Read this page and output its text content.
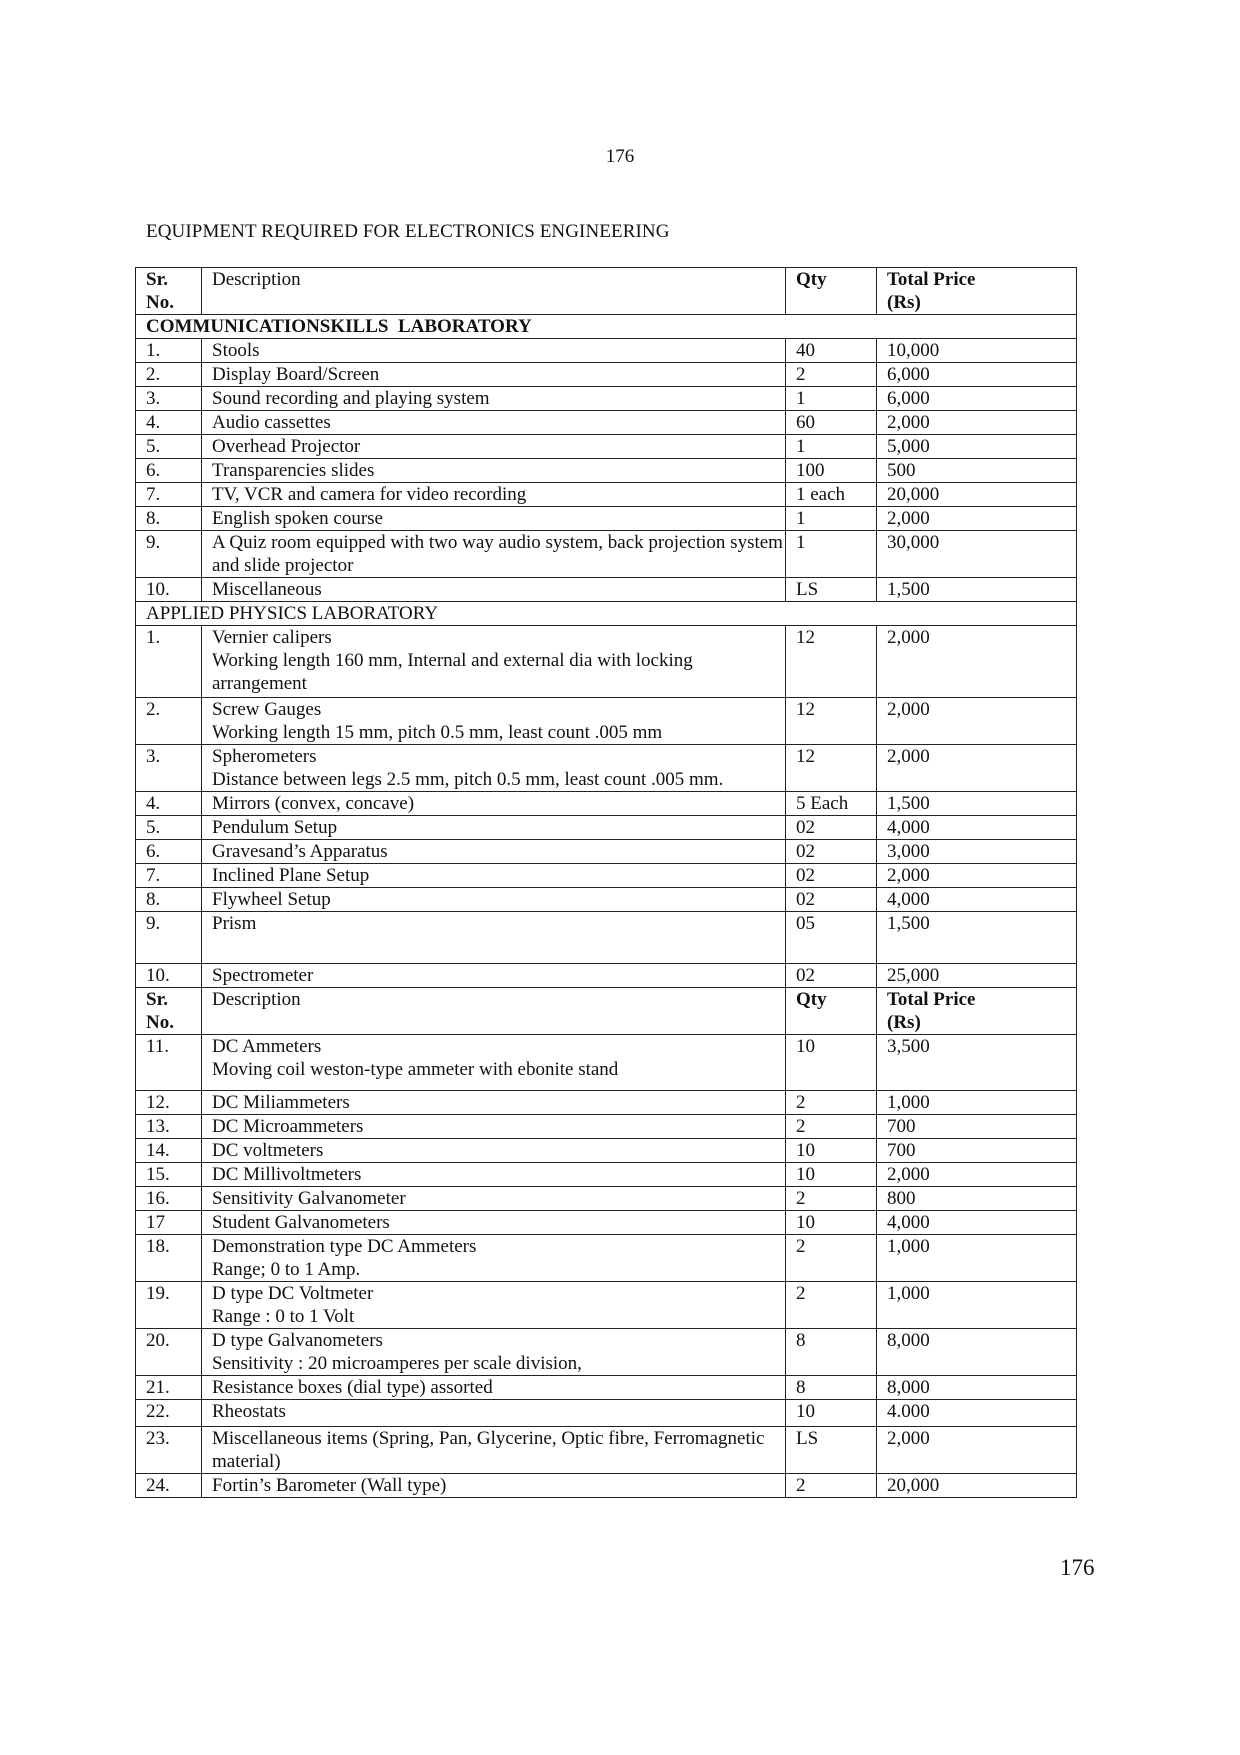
176
EQUIPMENT REQUIRED FOR ELECTRONICS ENGINEERING
Sr.
No.	Description	Qty	Total Price
(Rs)
COMMUNICATIONSKILLS  LABORATORY			
1.	Stools	40	10,000
2.	Display Board/Screen	2	6,000
3.	Sound recording and playing system	1	6,000
4.	Audio cassettes	60	2,000
5.	Overhead Projector	1	5,000
6.	Transparencies slides	100	500
7.	TV, VCR and camera for video recording	1 each	20,000
8.	English spoken course	1	2,000
9.	A Quiz room equipped with two way audio system, back projection system and slide projector	1	30,000
10.	Miscellaneous	LS	1,500
APPLIED PHYSICS LABORATORY			
1.	Vernier calipers
Working length 160 mm, Internal and external dia with locking arrangement	12	2,000
2.	Screw Gauges
Working length 15 mm, pitch 0.5 mm, least count .005 mm	12	2,000
3.	Spherometers
Distance between legs 2.5 mm, pitch 0.5 mm, least count .005 mm.	12	2,000
4.	Mirrors (convex, concave)	5 Each	1,500
5.	Pendulum Setup	02	4,000
6.	Gravesand’s Apparatus	02	3,000
7.	Inclined Plane Setup	02	2,000
8.	Flywheel Setup	02	4,000
9.	Prism	05	1,500
10.	Spectrometer	02	25,000
Sr.
No.	Description	Qty	Total Price
(Rs)
11.	DC Ammeters
Moving coil weston-type ammeter with ebonite stand	10	3,500
12.	DC Miliammeters	2	1,000
13.	DC Microammeters	2	700
14.	DC voltmeters	10	700
15.	DC Millivoltmeters	10	2,000
16.	Sensitivity Galvanometer	2	800
17	Student Galvanometers	10	4,000
18.	Demonstration type DC Ammeters
Range; 0 to 1 Amp.	2	1,000
19.	D type DC Voltmeter
Range : 0 to 1 Volt	2	1,000
20.	D type Galvanometers
Sensitivity : 20 microamperes per scale division,	8	8,000
21.	Resistance boxes (dial type) assorted	8	8,000
22.	Rheostats	10	4.000
23.	Miscellaneous items (Spring, Pan, Glycerine, Optic fibre, Ferromagnetic material)	LS	2,000
24.	Fortin’s Barometer (Wall type)	2	20,000
176
